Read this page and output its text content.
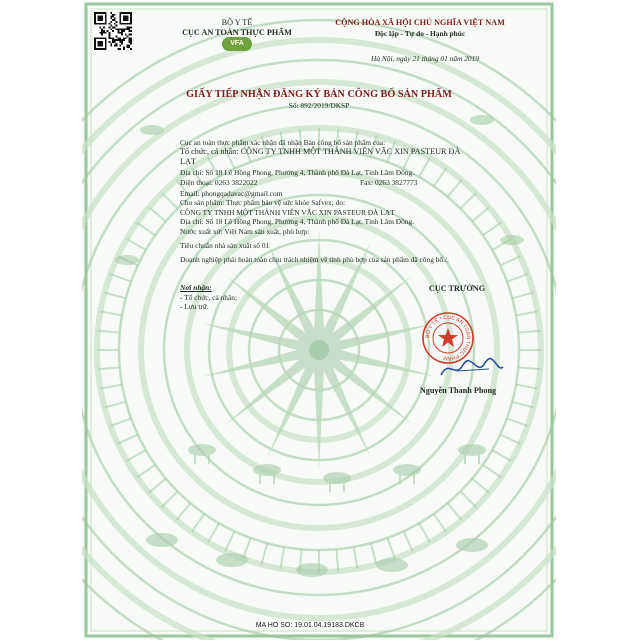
BỘ Y TẾ
CỤC AN TOÀN THỰC PHẨM
VFA
CỘNG HÒA XÃ HỘI CHỦ NGHĨA VIỆT NAM
Độc lập - Tự do - Hạnh phúc
Hà Nội, ngày 21 tháng 01 năm 2019
GIẤY TIẾP NHẬN ĐĂNG KÝ BẢN CÔNG BỐ SẢN PHẨM
Số: 892/2019/DKSP
Cục an toàn thực phẩm xác nhận đã nhận Bản công bố sản phẩm của:
Tổ chức, cá nhân: CÔNG TY TNHH MỘT THÀNH VIÊN VẮC XIN PASTEUR ĐÀ
LẠT
Địa chỉ: Số 18 Lê Hồng Phong, Phường 4, Thành phố Đà Lạt, Tỉnh Lâm Đồng.
Điện thoại: 0263 3822022	Fax: 0263 3827773
Email: phongqadavac@gmail.com
Cho sản phẩm: Thực phẩm bảo vệ sức khỏe Safvex; do:
CÔNG TY TNHH MỘT THÀNH VIÊN VẮC XIN PASTEUR ĐÀ LẠT
Địa chỉ: Số 18 Lê Hồng Phong, Phường 4, Thành phố Đà Lạt, Tỉnh Lâm Đồng.
Nước xuất xứ: Việt Nam sản xuất, phù hợp:
Tiêu chuẩn nhà sản xuất số 01
Doanh nghiệp phải hoàn toàn chịu trách nhiệm về tính phù hợp của sản phẩm đã công bố./.
Nơi nhận:
- Tổ chức, cá nhân;
- Lưu trữ.
CỤC TRƯỞNG
BỘ Y TẾ * CỤC AN TOÀN THỰC PHẨM
Nguyễn Thanh Phong
MA HO SO: 19.01.04.19183.DKCB
